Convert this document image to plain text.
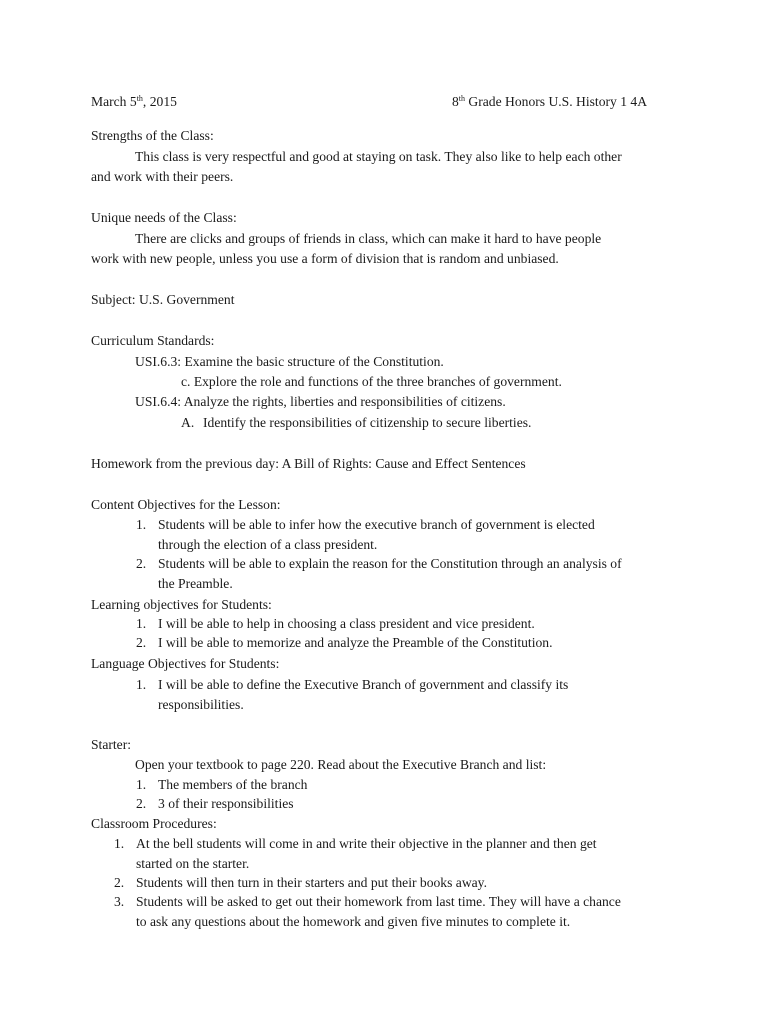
March 5th, 2015	8th Grade Honors U.S. History 1 4A
Strengths of the Class:
This class is very respectful and good at staying on task. They also like to help each other
and work with their peers.
Unique needs of the Class:
There are clicks and groups of friends in class, which can make it hard to have people
work with new people, unless you use a form of division that is random and unbiased.
Subject: U.S. Government
Curriculum Standards:
USI.6.3: Examine the basic structure of the Constitution.
c. Explore the role and functions of the three branches of government.
USI.6.4: Analyze the rights, liberties and responsibilities of citizens.
A. Identify the responsibilities of citizenship to secure liberties.
Homework from the previous day: A Bill of Rights: Cause and Effect Sentences
Content Objectives for the Lesson:
1. Students will be able to infer how the executive branch of government is elected
through the election of a class president.
2. Students will be able to explain the reason for the Constitution through an analysis of
the Preamble.
Learning objectives for Students:
1. I will be able to help in choosing a class president and vice president.
2. I will be able to memorize and analyze the Preamble of the Constitution.
Language Objectives for Students:
1. I will be able to define the Executive Branch of government and classify its
responsibilities.
Starter:
Open your textbook to page 220. Read about the Executive Branch and list:
1. The members of the branch
2. 3 of their responsibilities
Classroom Procedures:
1. At the bell students will come in and write their objective in the planner and then get
started on the starter.
2. Students will then turn in their starters and put their books away.
3. Students will be asked to get out their homework from last time. They will have a chance
to ask any questions about the homework and given five minutes to complete it.
